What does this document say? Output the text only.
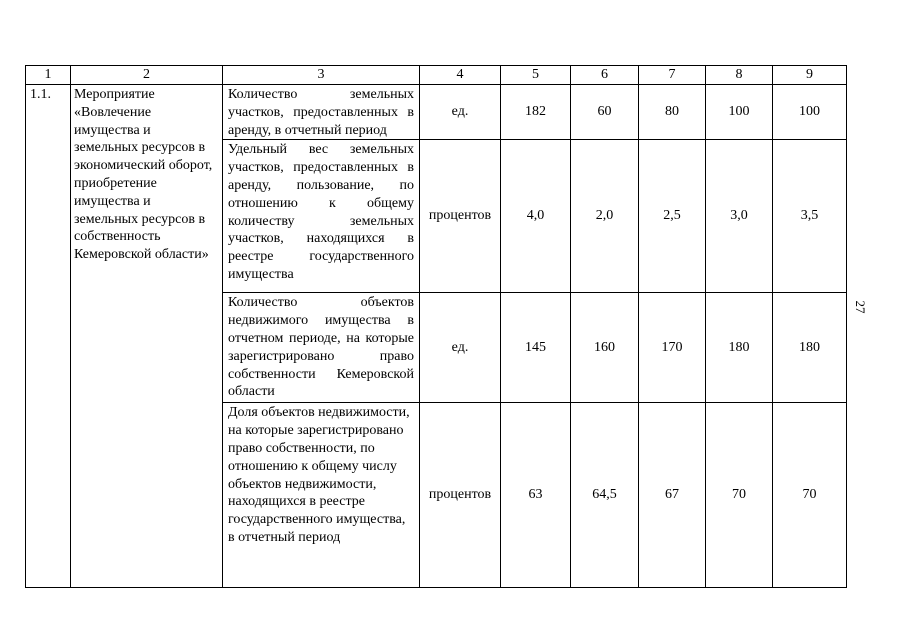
1	2	3	4	5	6	7	8	9
1.1.	Мероприятие «Вовлечение имущества и земельных ресурсов в экономический оборот, приобретение имущества и земельных ресурсов в собственность Кемеровской области»	Количество земельных участков, предоставленных в аренду, в отчетный период	ед.	182	60	80	100	100
		Удельный вес земельных участков, предоставленных в аренду, пользование, по отношению к общему количеству земельных участков, находящихся в реестре государственного имущества	процентов	4,0	2,0	2,5	3,0	3,5
		Количество объектов недвижимого имущества в отчетном периоде, на которые зарегистрировано право собственности Кемеровской области	ед.	145	160	170	180	180
		Доля объектов недвижимости, на которые зарегистрировано право собственности, по отношению к общему числу объектов недвижимости, находящихся в реестре государственного имущества, в отчетный период	процентов	63	64,5	67	70	70
27
